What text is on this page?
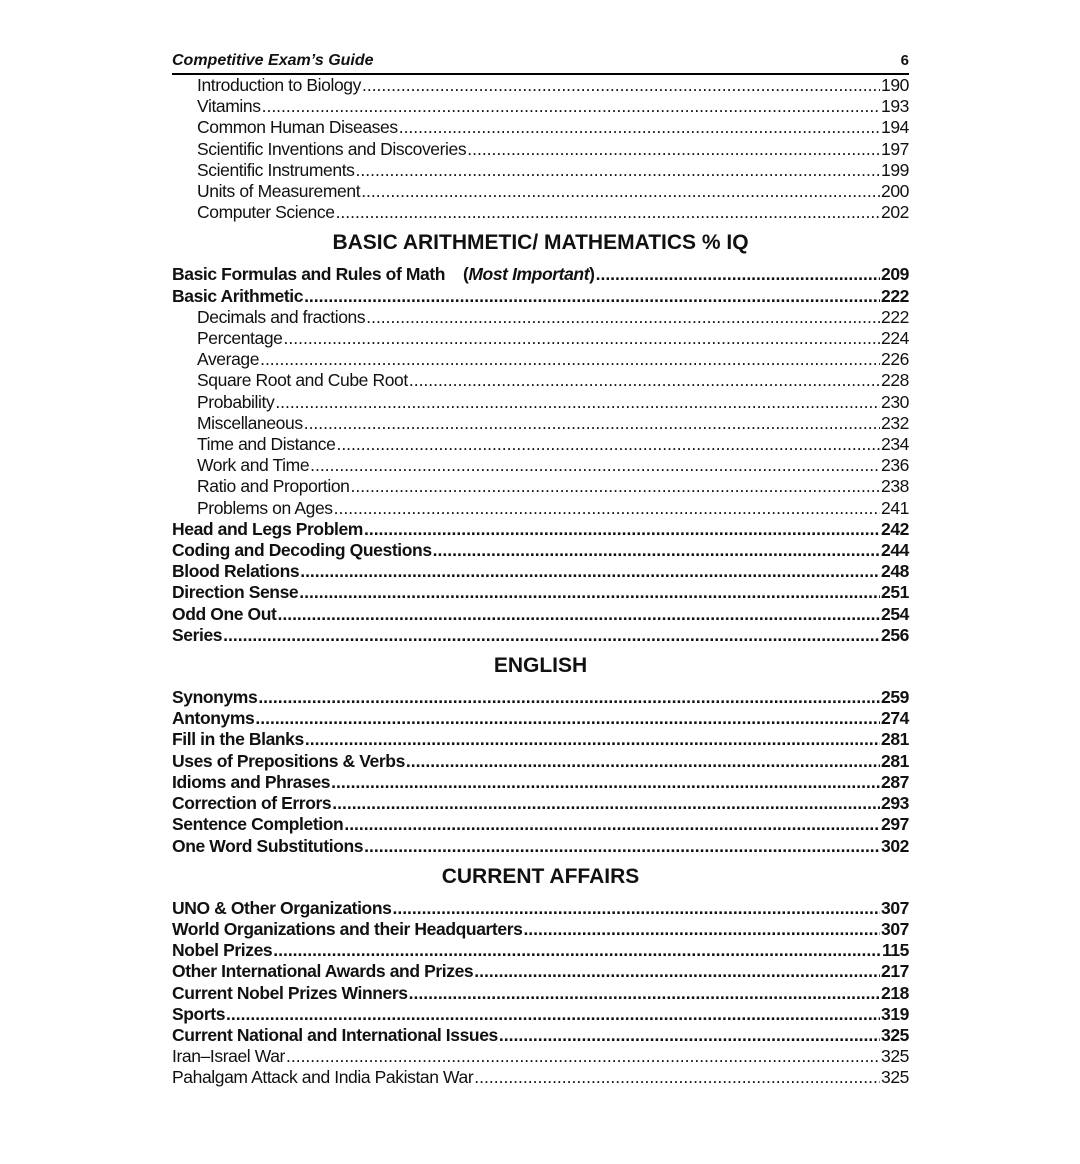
Competitive Exam’s Guide	6
Introduction to Biology .....	190
Vitamins .....	193
Common Human Diseases .....	194
Scientific Inventions and Discoveries .....	197
Scientific Instruments .....	199
Units of Measurement .....	200
Computer Science .....	202
BASIC ARITHMETIC/ MATHEMATICS % IQ
Basic Formulas and Rules of Math    (Most Important) .....	209
Basic Arithmetic .....	222
Decimals and fractions .....	222
Percentage .....	224
Average .....	226
Square Root and Cube Root .....	228
Probability .....	230
Miscellaneous .....	232
Time and Distance .....	234
Work and Time .....	236
Ratio and Proportion .....	238
Problems on Ages .....	241
Head and Legs Problem .....	242
Coding and Decoding Questions .....	244
Blood Relations .....	248
Direction Sense .....	251
Odd One Out .....	254
Series .....	256
ENGLISH
Synonyms .....	259
Antonyms .....	274
Fill in the Blanks .....	281
Uses of Prepositions & Verbs .....	281
Idioms and Phrases .....	287
Correction of Errors .....	293
Sentence Completion .....	297
One Word Substitutions .....	302
CURRENT AFFAIRS
UNO & Other Organizations .....	307
World Organizations and their Headquarters .....	307
Nobel Prizes .....	115
Other International Awards and Prizes .....	217
Current Nobel Prizes Winners .....	218
Sports .....	319
Current National and International Issues .....	325
Iran–Israel War .....	325
Pahalgam Attack and India Pakistan War .....	325
